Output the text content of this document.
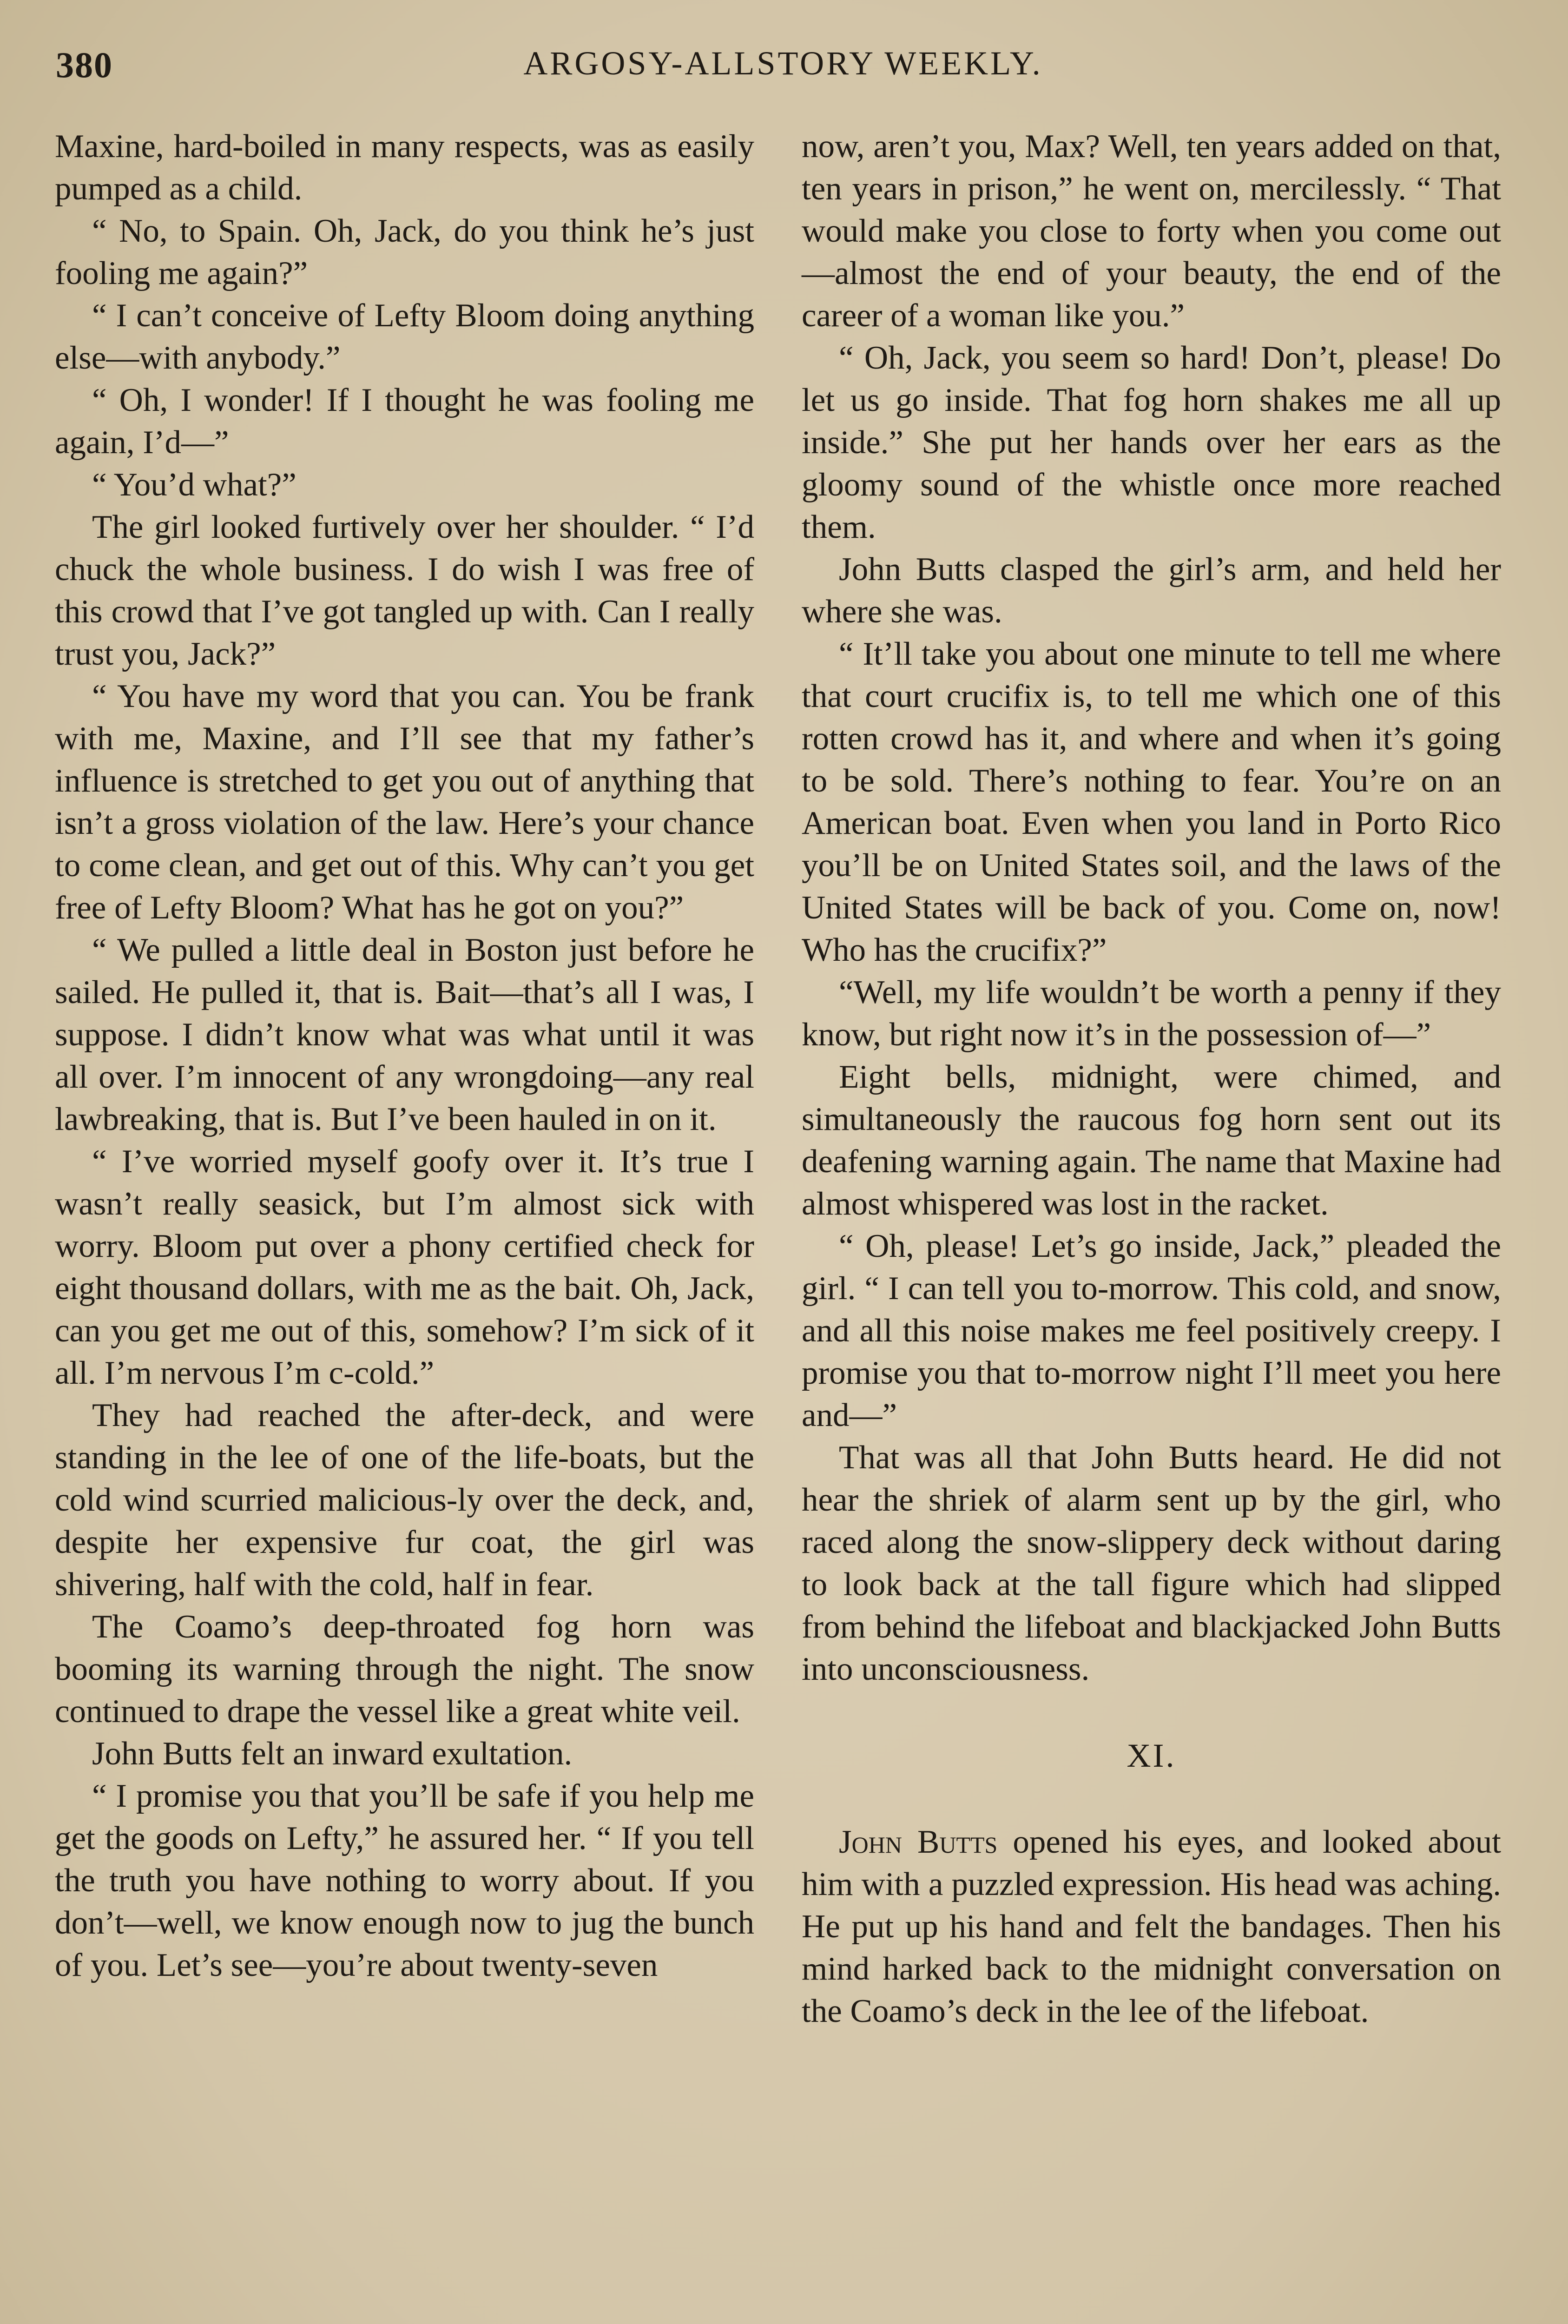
380	ARGOSY-ALLSTORY WEEKLY.

Maxine, hard-boiled in many respects, was as easily pumped as a child.

“ No, to Spain. Oh, Jack, do you think he’s just fooling me again?”

“ I can’t conceive of Lefty Bloom doing anything else—with anybody.”

“ Oh, I wonder! If I thought he was fooling me again, I’d—”

“ You’d what?”

The girl looked furtively over her shoulder. “ I’d chuck the whole business. I do wish I was free of this crowd that I’ve got tangled up with. Can I really trust you, Jack?”

“ You have my word that you can. You be frank with me, Maxine, and I’ll see that my father’s influence is stretched to get you out of anything that isn’t a gross violation of the law. Here’s your chance to come clean, and get out of this. Why can’t you get free of Lefty Bloom? What has he got on you?”

“ We pulled a little deal in Boston just before he sailed. He pulled it, that is. Bait—that’s all I was, I suppose. I didn’t know what was what until it was all over. I’m innocent of any wrongdoing—any real lawbreaking, that is. But I’ve been hauled in on it.

“ I’ve worried myself goofy over it. It’s true I wasn’t really seasick, but I’m almost sick with worry. Bloom put over a phony certified check for eight thousand dollars, with me as the bait. Oh, Jack, can you get me out of this, somehow? I’m sick of it all. I’m nervous I’m c-cold.”

They had reached the after-deck, and were standing in the lee of one of the life-boats, but the cold wind scurried malicious-ly over the deck, and, despite her expensive fur coat, the girl was shivering, half with the cold, half in fear.

The Coamo’s deep-throated fog horn was booming its warning through the night. The snow continued to drape the vessel like a great white veil.

John Butts felt an inward exultation.

“ I promise you that you’ll be safe if you help me get the goods on Lefty,” he assured her. “ If you tell the truth you have nothing to worry about. If you don’t—well, we know enough now to jug the bunch of you. Let’s see—you’re about twenty-seven

now, aren’t you, Max? Well, ten years added on that, ten years in prison,” he went on, mercilessly. “ That would make you close to forty when you come out—almost the end of your beauty, the end of the career of a woman like you.”

“ Oh, Jack, you seem so hard! Don’t, please! Do let us go inside. That fog horn shakes me all up inside.” She put her hands over her ears as the gloomy sound of the whistle once more reached them.

John Butts clasped the girl’s arm, and held her where she was.

“ It’ll take you about one minute to tell me where that court crucifix is, to tell me which one of this rotten crowd has it, and where and when it’s going to be sold. There’s nothing to fear. You’re on an American boat. Even when you land in Porto Rico you’ll be on United States soil, and the laws of the United States will be back of you. Come on, now! Who has the crucifix?”

“Well, my life wouldn’t be worth a penny if they know, but right now it’s in the possession of—”

Eight bells, midnight, were chimed, and simultaneously the raucous fog horn sent out its deafening warning again. The name that Maxine had almost whispered was lost in the racket.

“ Oh, please! Let’s go inside, Jack,” pleaded the girl. “ I can tell you to-morrow. This cold, and snow, and all this noise makes me feel positively creepy. I promise you that to-morrow night I’ll meet you here and—”

That was all that John Butts heard. He did not hear the shriek of alarm sent up by the girl, who raced along the snow-slippery deck without daring to look back at the tall figure which had slipped from behind the lifeboat and blackjacked John Butts into unconsciousness.

XI.

John Butts opened his eyes, and looked about him with a puzzled expression. His head was aching. He put up his hand and felt the bandages. Then his mind harked back to the midnight conversation on the Coamo’s deck in the lee of the lifeboat.
